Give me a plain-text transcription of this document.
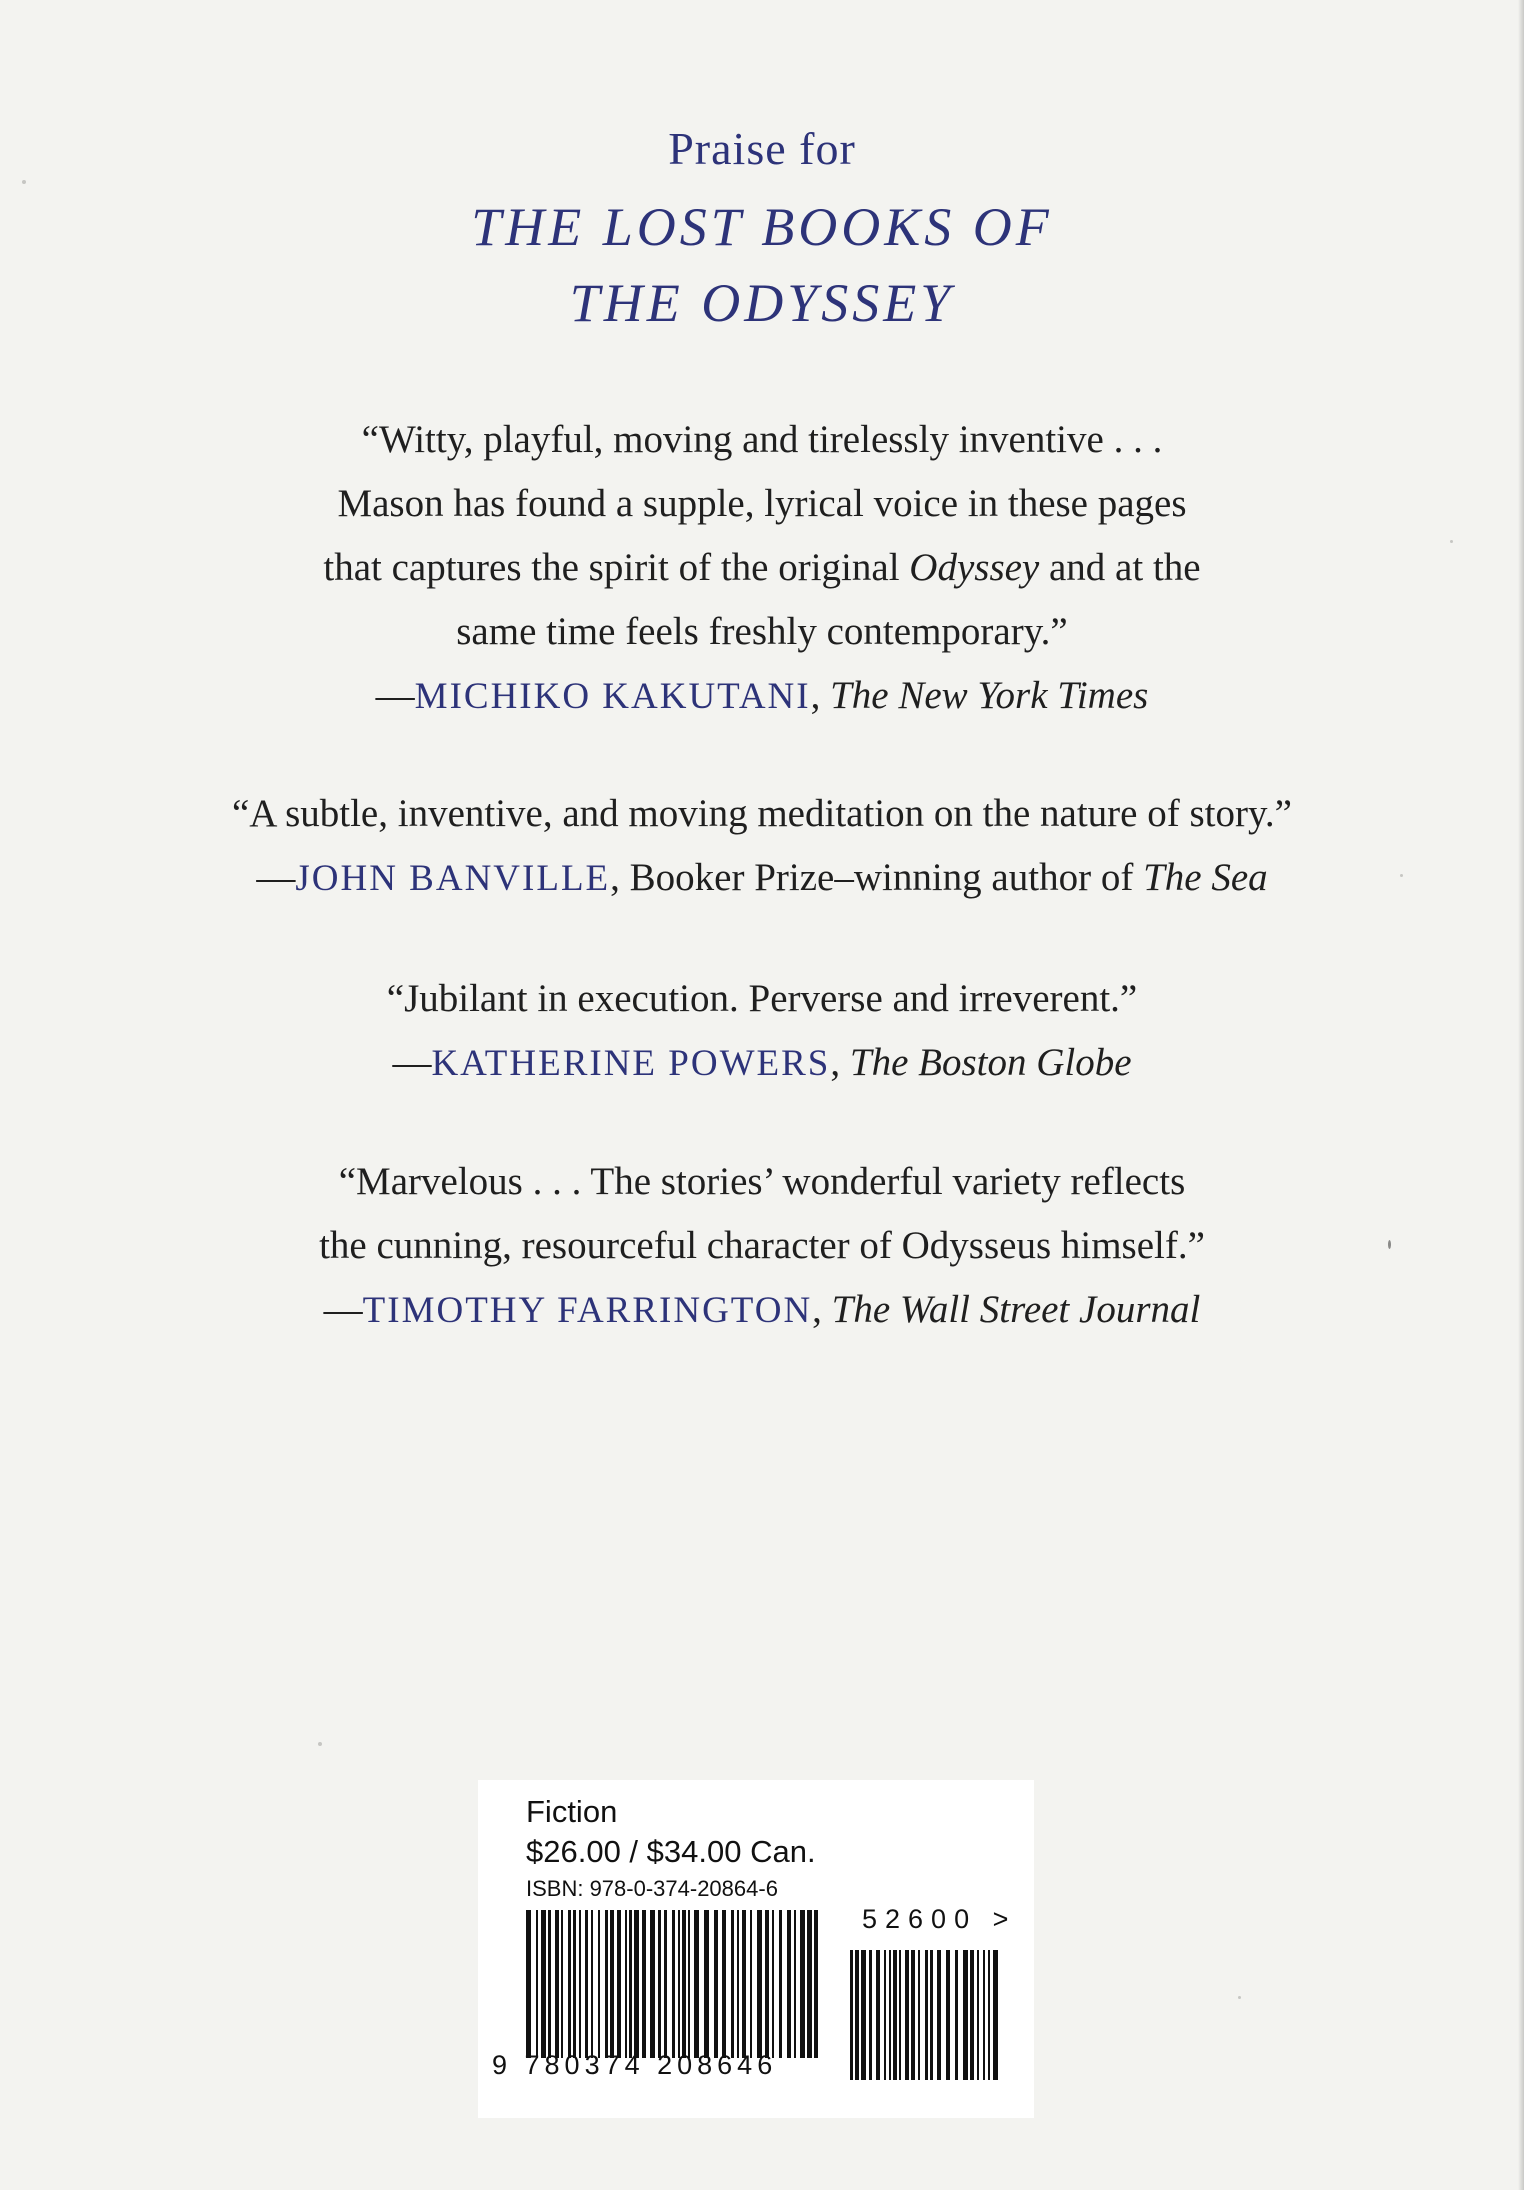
Praise for
THE LOST BOOKS OF
THE ODYSSEY

“Witty, playful, moving and tirelessly inventive . . .

Mason has found a supple, lyrical voice in these pages

that captures the spirit of the original Odyssey and at the

same time feels freshly contemporary.”

—MICHIKO KAKUTANI, The New York Times

“A subtle, inventive, and moving meditation on the nature of story.”

—JOHN BANVILLE, Booker Prize–winning author of The Sea

“Jubilant in execution. Perverse and irreverent.”

—KATHERINE POWERS, The Boston Globe

“Marvelous . . . The stories’ wonderful variety reflects

the cunning, resourceful character of Odysseus himself.”

—TIMOTHY FARRINGTON, The Wall Street Journal

Fiction
$26.00 / $34.00 Can.
ISBN: 978-0-374-20864-6
52600 >
9 780374 208646
